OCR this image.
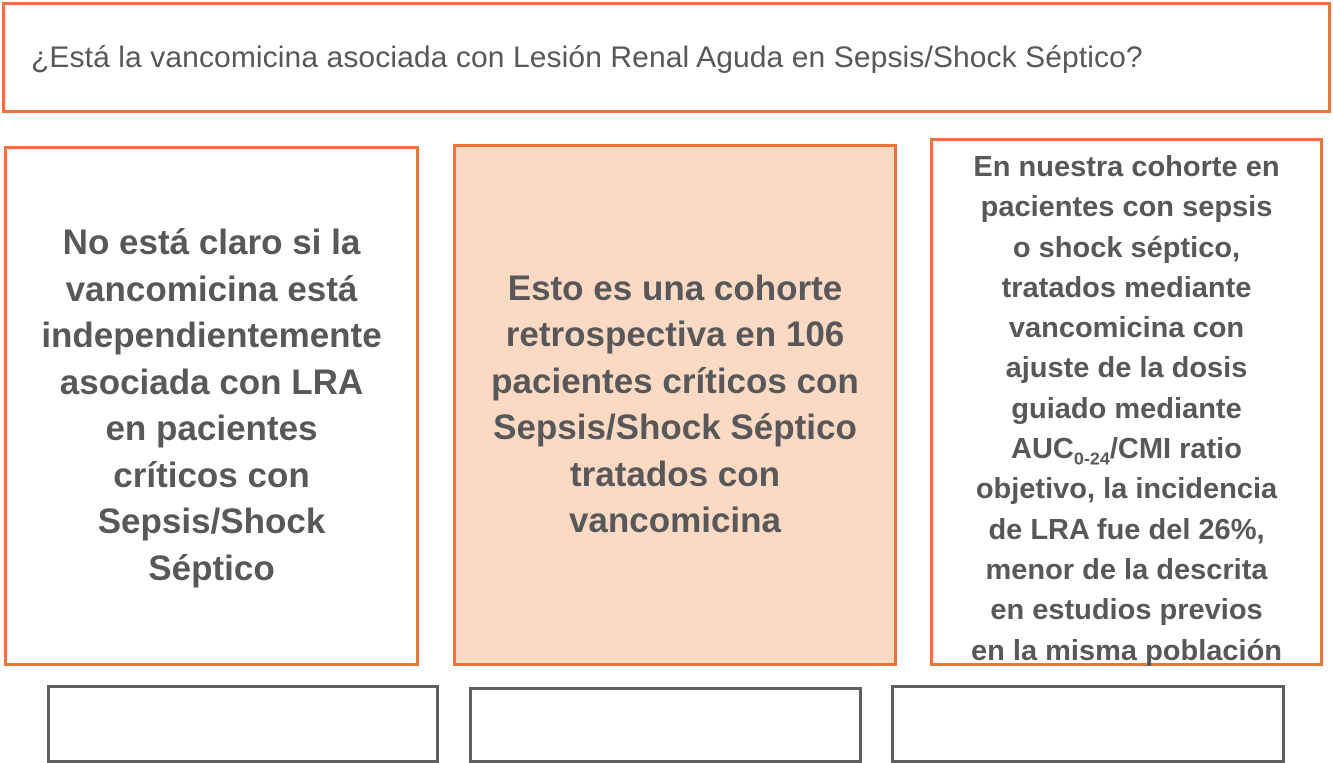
¿Está la vancomicina asociada con Lesión Renal Aguda en Sepsis/Shock Séptico?

No está claro si la
vancomicina está
independientemente
asociada con LRA
en pacientes
críticos con
Sepsis/Shock
Séptico

Esto es una cohorte
retrospectiva en 106
pacientes críticos con
Sepsis/Shock Séptico
tratados con
vancomicina

En nuestra cohorte en
pacientes con sepsis
o shock séptico,
tratados mediante
vancomicina con
ajuste de la dosis
guiado mediante
$AUC_{0-24}$/CMI ratio
objetivo, la incidencia
de LRA fue del 26%,
menor de la descrita
en estudios previos
en la misma población
